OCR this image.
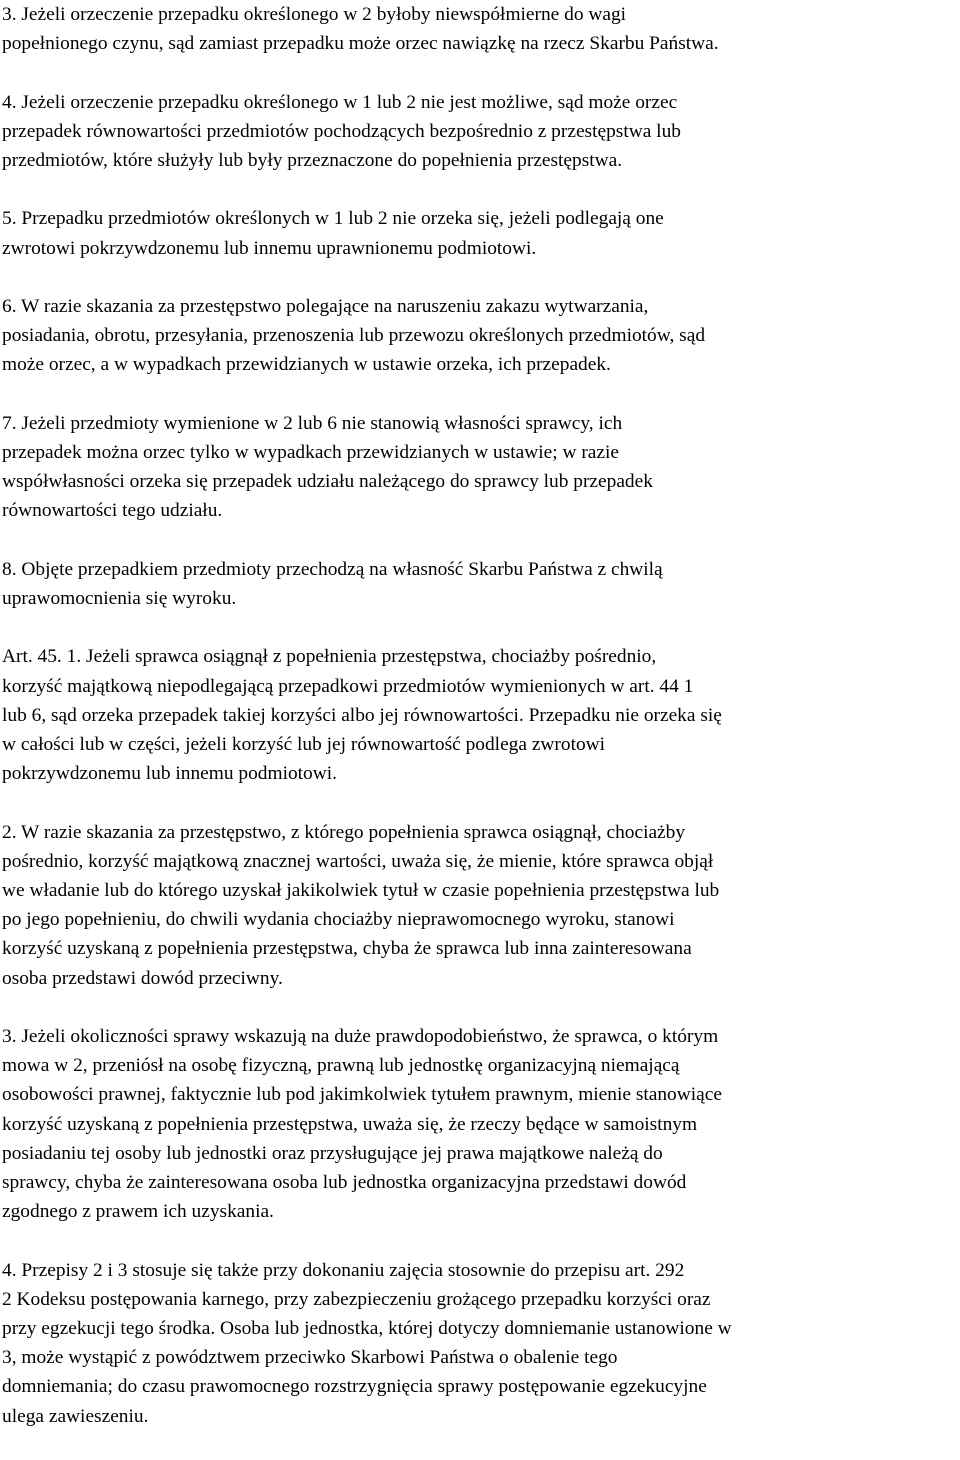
3. Jeżeli orzeczenie przepadku określonego w 2 byłoby niewspółmierne do wagi
popełnionego czynu, sąd zamiast przepadku może orzec nawiązkę na rzecz Skarbu Państwa.

4. Jeżeli orzeczenie przepadku określonego w 1 lub 2 nie jest możliwe, sąd może orzec
przepadek równowartości przedmiotów pochodzących bezpośrednio z przestępstwa lub
przedmiotów, które służyły lub były przeznaczone do popełnienia przestępstwa.

5. Przepadku przedmiotów określonych w 1 lub 2 nie orzeka się, jeżeli podlegają one
zwrotowi pokrzywdzonemu lub innemu uprawnionemu podmiotowi.

6. W razie skazania za przestępstwo polegające na naruszeniu zakazu wytwarzania,
posiadania, obrotu, przesyłania, przenoszenia lub przewozu określonych przedmiotów, sąd
może orzec, a w wypadkach przewidzianych w ustawie orzeka, ich przepadek.

7. Jeżeli przedmioty wymienione w 2 lub 6 nie stanowią własności sprawcy, ich
przepadek można orzec tylko w wypadkach przewidzianych w ustawie; w razie
współwłasności orzeka się przepadek udziału należącego do sprawcy lub przepadek
równowartości tego udziału.

8. Objęte przepadkiem przedmioty przechodzą na własność Skarbu Państwa z chwilą
uprawomocnienia się wyroku.

Art. 45. 1. Jeżeli sprawca osiągnął z popełnienia przestępstwa, chociażby pośrednio,
korzyść majątkową niepodlegającą przepadkowi przedmiotów wymienionych w art. 44 1
lub 6, sąd orzeka przepadek takiej korzyści albo jej równowartości. Przepadku nie orzeka się
w całości lub w części, jeżeli korzyść lub jej równowartość podlega zwrotowi
pokrzywdzonemu lub innemu podmiotowi.

2. W razie skazania za przestępstwo, z którego popełnienia sprawca osiągnął, chociażby
pośrednio, korzyść majątkową znacznej wartości, uważa się, że mienie, które sprawca objął
we władanie lub do którego uzyskał jakikolwiek tytuł w czasie popełnienia przestępstwa lub
po jego popełnieniu, do chwili wydania chociażby nieprawomocnego wyroku, stanowi
korzyść uzyskaną z popełnienia przestępstwa, chyba że sprawca lub inna zainteresowana
osoba przedstawi dowód przeciwny.

3. Jeżeli okoliczności sprawy wskazują na duże prawdopodobieństwo, że sprawca, o którym
mowa w 2, przeniósł na osobę fizyczną, prawną lub jednostkę organizacyjną niemającą
osobowości prawnej, faktycznie lub pod jakimkolwiek tytułem prawnym, mienie stanowiące
korzyść uzyskaną z popełnienia przestępstwa, uważa się, że rzeczy będące w samoistnym
posiadaniu tej osoby lub jednostki oraz przysługujące jej prawa majątkowe należą do
sprawcy, chyba że zainteresowana osoba lub jednostka organizacyjna przedstawi dowód
zgodnego z prawem ich uzyskania.

4. Przepisy 2 i 3 stosuje się także przy dokonaniu zajęcia stosownie do przepisu art. 292
2 Kodeksu postępowania karnego, przy zabezpieczeniu grożącego przepadku korzyści oraz
przy egzekucji tego środka. Osoba lub jednostka, której dotyczy domniemanie ustanowione w
3, może wystąpić z powództwem przeciwko Skarbowi Państwa o obalenie tego
domniemania; do czasu prawomocnego rozstrzygnięcia sprawy postępowanie egzekucyjne
ulega zawieszeniu.
